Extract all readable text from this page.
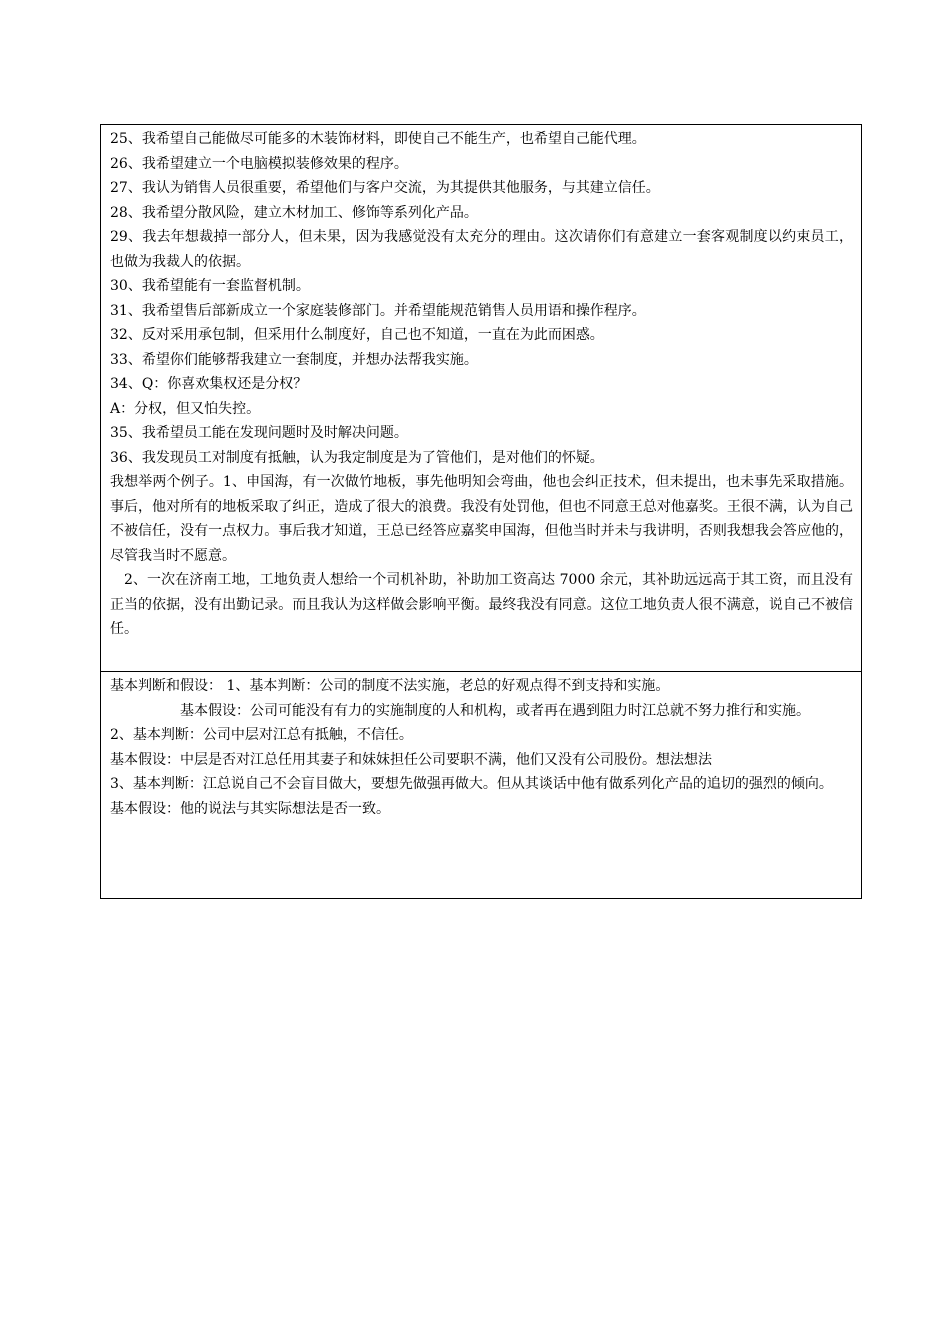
25、我希望自己能做尽可能多的木装饰材料，即使自己不能生产，也希望自己能代理。

26、我希望建立一个电脑模拟装修效果的程序。

27、我认为销售人员很重要，希望他们与客户交流，为其提供其他服务，与其建立信任。

28、我希望分散风险，建立木材加工、修饰等系列化产品。

29、我去年想裁掉一部分人，但未果，因为我感觉没有太充分的理由。这次请你们有意建立一套客观制度以约束员工，也做为我裁人的依据。

30、我希望能有一套监督机制。

31、我希望售后部新成立一个家庭装修部门。并希望能规范销售人员用语和操作程序。

32、反对采用承包制，但采用什么制度好，自己也不知道，一直在为此而困惑。

33、希望你们能够帮我建立一套制度，并想办法帮我实施。

34、Q：你喜欢集权还是分权？

A：分权，但又怕失控。

35、我希望员工能在发现问题时及时解决问题。

36、我发现员工对制度有抵触，认为我定制度是为了管他们，是对他们的怀疑。

我想举两个例子。1、申国海，有一次做竹地板，事先他明知会弯曲，他也会纠正技术，但未提出，也未事先采取措施。事后，他对所有的地板采取了纠正，造成了很大的浪费。我没有处罚他，但也不同意王总对他嘉奖。王很不满，认为自己不被信任，没有一点权力。事后我才知道，王总已经答应嘉奖申国海，但他当时并未与我讲明，否则我想我会答应他的，尽管我当时不愿意。

2、一次在济南工地，工地负责人想给一个司机补助，补助加工资高达 7000 余元，其补助远远高于其工资，而且没有正当的依据，没有出勤记录。而且我认为这样做会影响平衡。最终我没有同意。这位工地负责人很不满意，说自己不被信任。

基本判断和假设： 1、基本判断：公司的制度不法实施，老总的好观点得不到支持和实施。

基本假设：公司可能没有有力的实施制度的人和机构，或者再在遇到阻力时江总就不努力推行和实施。

2、基本判断：公司中层对江总有抵触，不信任。

基本假设：中层是否对江总任用其妻子和妹妹担任公司要职不满，他们又没有公司股份。想法想法

3、基本判断：江总说自己不会盲目做大，要想先做强再做大。但从其谈话中他有做系列化产品的追切的强烈的倾向。

基本假设：他的说法与其实际想法是否一致。
